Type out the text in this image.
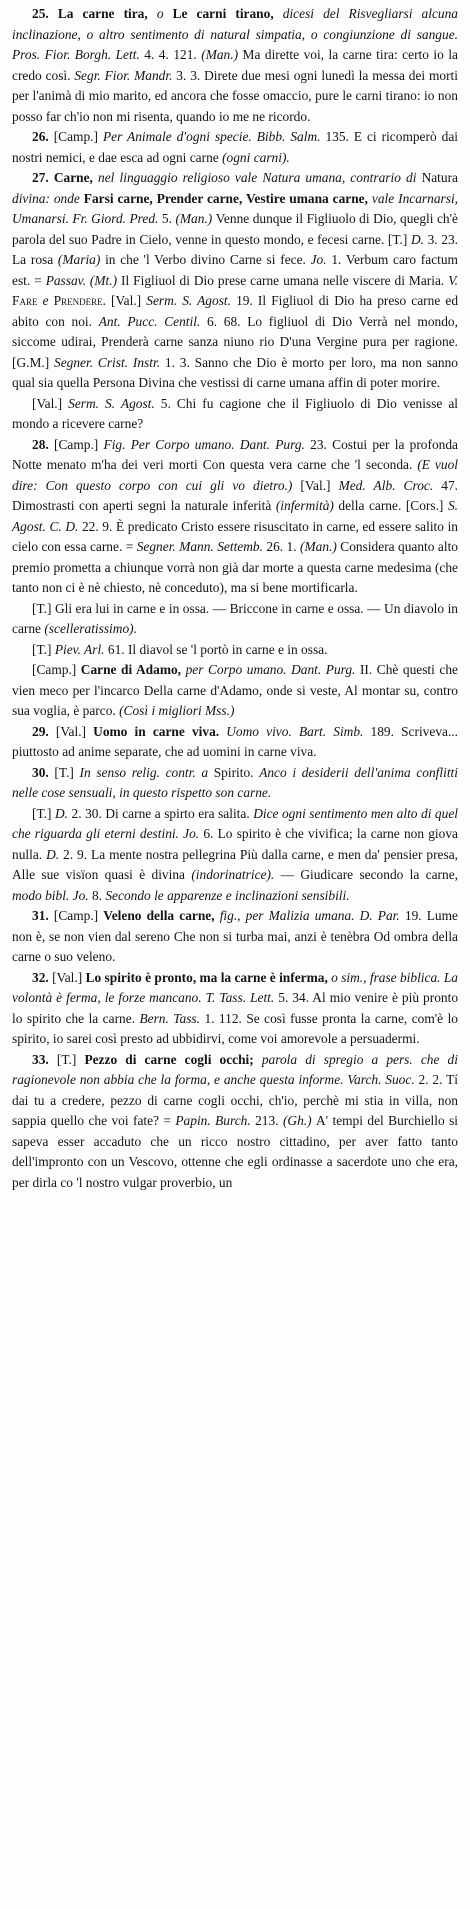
25. La carne tira, o Le carni tirano, dicesi del Risvegliarsi alcuna inclinazione, o altro sentimento di natural simpatia, o congiunzione di sangue. Pros. Fior. Borgh. Lett. 4. 4. 121. (Man.) Ma dirette voi, la carne tira: certo io la credo così. Segr. Fior. Mandr. 3. 3. Direte due mesi ogni lunedì la messa dei morti per l'animà di mio marito, ed ancora che fosse omaccio, pure le carni tirano: io non posso far ch'io non mi risenta, quando io me ne ricordo.

26. [Camp.] Per Animale d'ogni specie. Bibb. Salm. 135. E ci ricomperò dai nostri nemici, e dae esca ad ogni carne (ogni carni).

27. Carne, nel linguaggio religioso vale Natura umana, contrario di Natura divina: onde Farsi carne, Prender carne, Vestire umana carne, vale Incarnarsi, Umanarsi. Fr. Giord. Pred. 5. (Man.) Venne dunque il Figliuolo di Dio, quegli ch'è parola del suo Padre in Cielo, venne in questo mondo, e fecesi carne. [T.] D. 3. 23. La rosa (Maria) in che 'l Verbo divino Carne si fece. Jo. 1. Verbum caro factum est. = Passav. (Mt.) Il Figliuol di Dio prese carne umana nelle viscere di Maria. V. Fare e Prendere. [Val.] Serm. S. Agost. 19. Il Figliuol di Dio ha preso carne ed abito con noi. Ant. Pucc. Centil. 6. 68. Lo figliuol di Dio Verrà nel mondo, siccome udirai, Prenderà carne sanza niuno rio D'una Vergine pura per ragione. [G.M.] Segner. Crist. Instr. 1. 3. Sanno che Dio è morto per loro, ma non sanno qual sia quella Persona Divina che vestissi di carne umana affin di poter morire.

[Val.] Serm. S. Agost. 5. Chi fu cagione che il Figliuolo di Dio venisse al mondo a ricevere carne?

28. [Camp.] Fig. Per Corpo umano. Dant. Purg. 23. Costui per la profonda Notte menato m'ha dei veri morti Con questa vera carne che 'l seconda. (E vuol dire: Con questo corpo con cui gli vo dietro.) [Val.] Med. Alb. Croc. 47. Dimostrasti con aperti segni la naturale inferità (infermità) della carne. [Cors.] S. Agost. C. D. 22. 9. È predicato Cristo essere risuscitato in carne, ed essere salito in cielo con essa carne. = Segner. Mann. Settemb. 26. 1. (Man.) Considera quanto alto premio prometta a chiunque vorrà non già dar morte a questa carne medesima (che tanto non ci è nè chiesto, nè conceduto), ma si bene mortificarla.

[T.] Gli era lui in carne e in ossa. — Briccone in carne e ossa. — Un diavolo in carne (scelleratissimo).

[T.] Piev. Arl. 61. Il diavol se 'l portò in carne e in ossa.

[Camp.] Carne di Adamo, per Corpo umano. Dant. Purg. II. Chè questi che vien meco per l'incarco Della carne d'Adamo, onde si veste, Al montar su, contro sua voglia, è parco. (Così i migliori Mss.)

29. [Val.] Uomo in carne viva. Uomo vivo. Bart. Simb. 189. Scriveva... piuttosto ad anime separate, che ad uomini in carne viva.

30. [T.] In senso relig. contr. a Spirito. Anco i desiderii dell'anima conflitti nelle cose sensuali, in questo rispetto son carne.

[T.] D. 2. 30. Di carne a spirto era salita. Dice ogni sentimento men alto di quel che riguarda gli eterni destini. Jo. 6. Lo spirito è che vivifica; la carne non giova nulla. D. 2. 9. La mente nostra pellegrina Più dalla carne, e men da' pensier presa, Alle sue visïon quasi è divina (indorinatrice). — Giudicare secondo la carne, modo bibl. Jo. 8. Secondo le apparenze e inclinazioni sensibili.

31. [Camp.] Veleno della carne, fig., per Malizia umana. D. Par. 19. Lume non è, se non vien dal sereno Che non si turba mai, anzi è tenèbra Od ombra della carne o suo veleno.

32. [Val.] Lo spirito è pronto, ma la carne è inferma, o sim., frase biblica. La volontà è ferma, le forze mancano. T. Tass. Lett. 5. 34. Al mio venire è più pronto lo spirito che la carne. Bern. Tass. 1. 112. Se così fusse pronta la carne, com'è lo spirito, io sarei così presto ad ubbidirvi, come voi amorevole a persuadermi.

33. [T.] Pezzo di carne cogli occhi; parola di spregio a pers. che di ragionevole non abbia che la forma, e anche questa informe. Varch. Suoc. 2. 2. Tí dai tu a credere, pezzo di carne cogli occhi, ch'io, perchè mi stia in villa, non sappia quello che voi fate? = Papin. Burch. 213. (Gh.) A' tempi del Burchiello si sapeva esser accaduto che un ricco nostro cittadino, per aver fatto tanto dell'impronto con un Vescovo, ottenne che egli ordinasse a sacerdote uno che era, per dirla co 'l nostro vulgar proverbio, un
